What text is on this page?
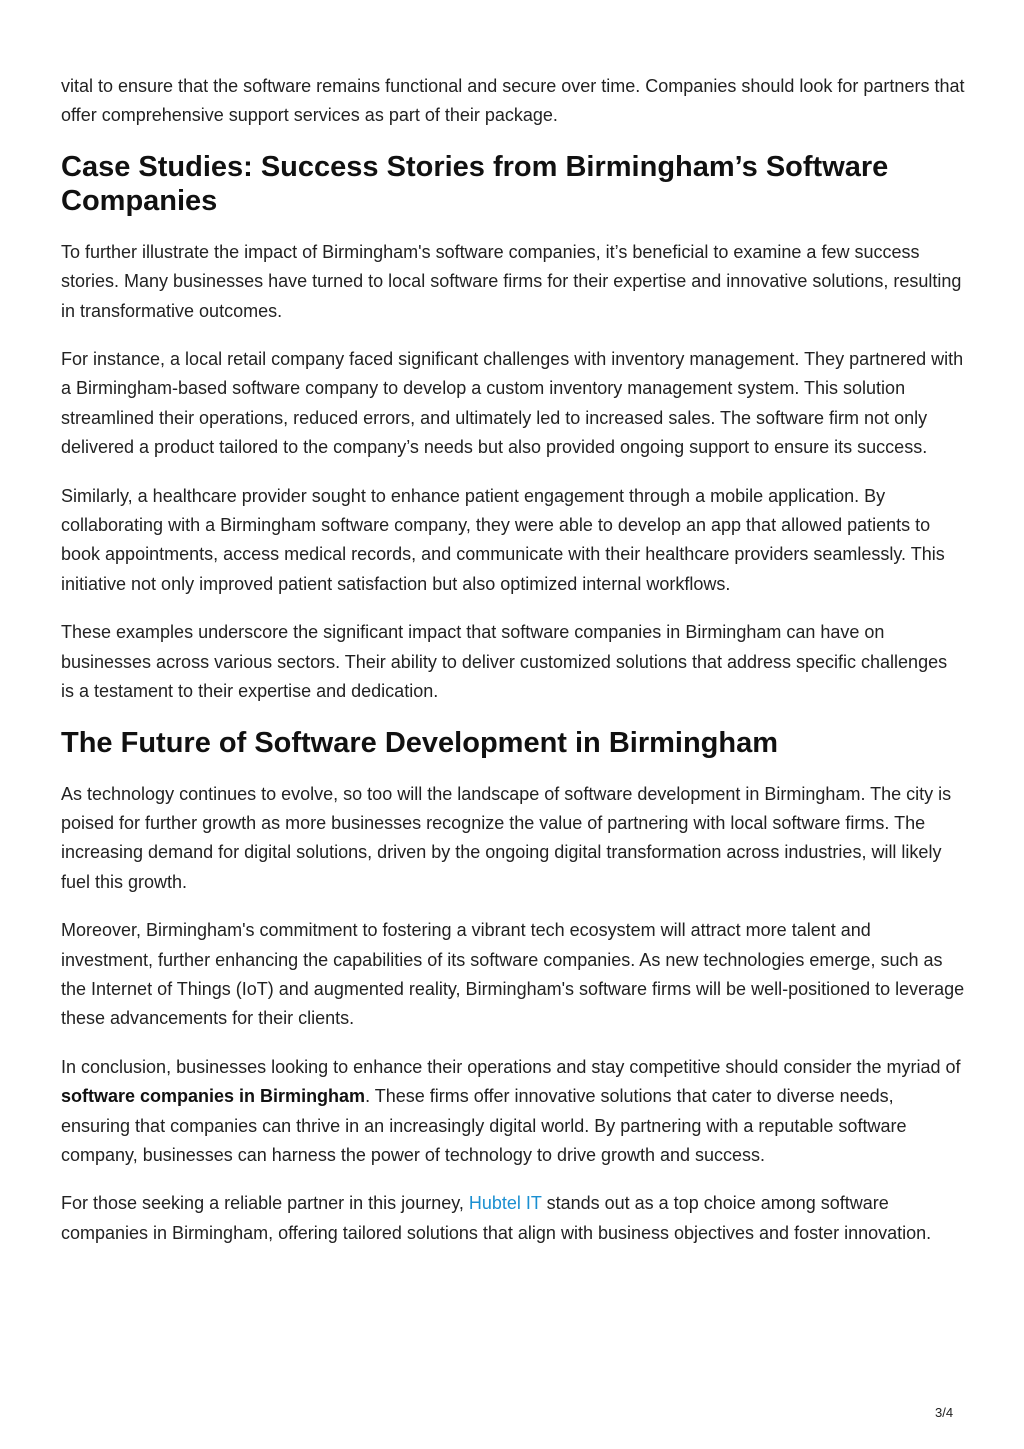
vital to ensure that the software remains functional and secure over time. Companies should look for partners that offer comprehensive support services as part of their package.

Case Studies: Success Stories from Birmingham’s Software Companies

To further illustrate the impact of Birmingham's software companies, it’s beneficial to examine a few success stories. Many businesses have turned to local software firms for their expertise and innovative solutions, resulting in transformative outcomes.

For instance, a local retail company faced significant challenges with inventory management. They partnered with a Birmingham-based software company to develop a custom inventory management system. This solution streamlined their operations, reduced errors, and ultimately led to increased sales. The software firm not only delivered a product tailored to the company’s needs but also provided ongoing support to ensure its success.

Similarly, a healthcare provider sought to enhance patient engagement through a mobile application. By collaborating with a Birmingham software company, they were able to develop an app that allowed patients to book appointments, access medical records, and communicate with their healthcare providers seamlessly. This initiative not only improved patient satisfaction but also optimized internal workflows.

These examples underscore the significant impact that software companies in Birmingham can have on businesses across various sectors. Their ability to deliver customized solutions that address specific challenges is a testament to their expertise and dedication.

The Future of Software Development in Birmingham

As technology continues to evolve, so too will the landscape of software development in Birmingham. The city is poised for further growth as more businesses recognize the value of partnering with local software firms. The increasing demand for digital solutions, driven by the ongoing digital transformation across industries, will likely fuel this growth.

Moreover, Birmingham's commitment to fostering a vibrant tech ecosystem will attract more talent and investment, further enhancing the capabilities of its software companies. As new technologies emerge, such as the Internet of Things (IoT) and augmented reality, Birmingham's software firms will be well-positioned to leverage these advancements for their clients.

In conclusion, businesses looking to enhance their operations and stay competitive should consider the myriad of software companies in Birmingham. These firms offer innovative solutions that cater to diverse needs, ensuring that companies can thrive in an increasingly digital world. By partnering with a reputable software company, businesses can harness the power of technology to drive growth and success.

For those seeking a reliable partner in this journey, Hubtel IT stands out as a top choice among software companies in Birmingham, offering tailored solutions that align with business objectives and foster innovation.

3/4
